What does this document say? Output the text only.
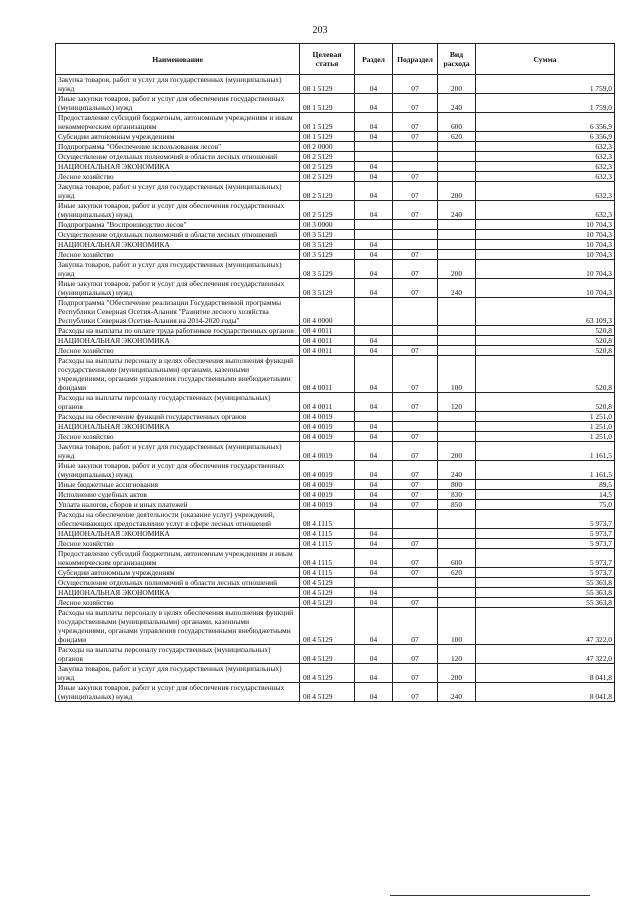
203
Наименование	Целевая статья	Раздел	Подраздел	Вид расхода	Сумма
Закупка товаров, работ и услуг для государственных (муниципальных) нужд	08 1 5129	04	07	200	1 759,0
Иные закупки товаров, работ и услуг для обеспечения государственных (муниципальных) нужд	08 1 5129	04	07	240	1 759,0
Предоставление субсидий бюджетным, автономным учреждениям и иным некоммерческим организациям	08 1 5129	04	07	600	6 356,9
Субсидии автономным учреждениям	08 1 5129	04	07	620	6 356,9
Подпрограмма "Обеспечение использования лесов"	08 2 0000				632,3
Осуществление отдельных полномочий в области лесных отношений	08 2 5129				632,3
НАЦИОНАЛЬНАЯ ЭКОНОМИКА	08 2 5129	04			632,3
Лесное хозяйство	08 2 5129	04	07		632,3
Закупка товаров, работ и услуг для государственных (муниципальных) нужд	08 2 5129	04	07	200	632,3
Иные закупки товаров, работ и услуг для обеспечения государственных (муниципальных) нужд	08 2 5129	04	07	240	632,3
Подпрограмма "Воспроизводство лесов"	08 3 0000				10 704,3
Осуществление отдельных полномочий в области лесных отношений	08 3 5129				10 704,3
НАЦИОНАЛЬНАЯ ЭКОНОМИКА	08 3 5129	04			10 704,3
Лесное хозяйство	08 3 5129	04	07		10 704,3
Закупка товаров, работ и услуг для государственных (муниципальных) нужд	08 3 5129	04	07	200	10 704,3
Иные закупки товаров, работ и услуг для обеспечения государственных (муниципальных) нужд	08 3 5129	04	07	240	10 704,3
Подпрограмма "Обеспечение реализации Государственной программы Республики Северная Осетия-Алания "Развитие лесного хозяйства Республики Северная Осетия-Алания на 2014-2020 годы"	08 4 0000				63 109,3
Расходы на выплаты по оплате труда работников государственных органов	08 4 0011				520,8
НАЦИОНАЛЬНАЯ ЭКОНОМИКА	08 4 0011	04			520,8
Лесное хозяйство	08 4 0011	04	07		520,8
Расходы на выплаты персоналу в целях обеспечения выполнения функций государственными (муниципальными) органами, казенными учреждениями, органами управления государственными внебюджетными фондами	08 4 0011	04	07	100	520,8
Расходы на выплаты персоналу государственных (муниципальных) органов	08 4 0011	04	07	120	520,8
Расходы на обеспечение функций государственных органов	08 4 0019				1 251,0
НАЦИОНАЛЬНАЯ ЭКОНОМИКА	08 4 0019	04			1 251,0
Лесное хозяйство	08 4 0019	04	07		1 251,0
Закупка товаров, работ и услуг для государственных (муниципальных) нужд	08 4 0019	04	07	200	1 161,5
Иные закупки товаров, работ и услуг для обеспечения государственных (муниципальных) нужд	08 4 0019	04	07	240	1 161,5
Иные бюджетные ассигнования	08 4 0019	04	07	800	89,5
Исполнение судебных актов	08 4 0019	04	07	830	14,5
Уплата налогов, сборов и иных платежей	08 4 0019	04	07	850	75,0
Расходы на обеспечение деятельности (оказание услуг) учреждений, обеспечивающих предоставление услуг в сфере лесных отношений	08 4 1115				5 973,7
НАЦИОНАЛЬНАЯ ЭКОНОМИКА	08 4 1115	04			5 973,7
Лесное хозяйство	08 4 1115	04	07		5 973,7
Предоставление субсидий бюджетным, автономным учреждениям и иным некоммерческим организациям	08 4 1115	04	07	600	5 973,7
Субсидии автономным учреждениям	08 4 1115	04	07	620	5 973,7
Осуществление отдельных полномочий в области лесных отношений	08 4 5129				55 363,8
НАЦИОНАЛЬНАЯ ЭКОНОМИКА	08 4 5129	04			55 363,8
Лесное хозяйство	08 4 5129	04	07		55 363,8
Расходы на выплаты персоналу в целях обеспечения выполнения функций государственными (муниципальными) органами, казенными учреждениями, органами управления государственными внебюджетными фондами	08 4 5129	04	07	100	47 322,0
Расходы на выплаты персоналу государственных (муниципальных) органов	08 4 5129	04	07	120	47 322,0
Закупка товаров, работ и услуг для государственных (муниципальных) нужд	08 4 5129	04	07	200	8 041,8
Иные закупки товаров, работ и услуг для обеспечения государственных (муниципальных) нужд	08 4 5129	04	07	240	8 041,8
